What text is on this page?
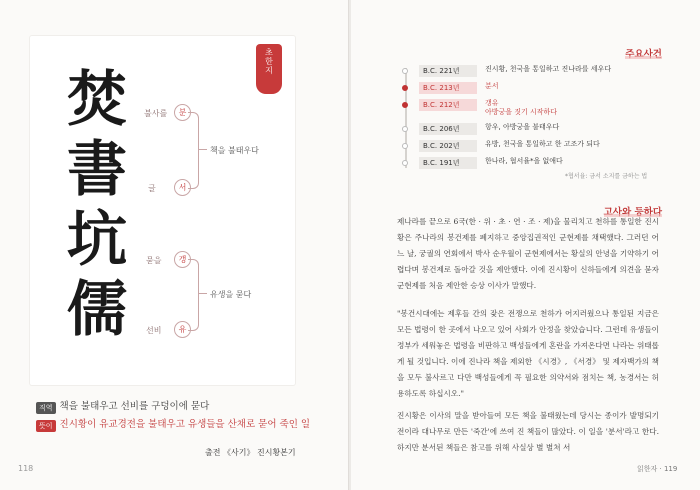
초
한
지
焚
書
坑
儒
불사를	분
글	서
묻을	갱
선비	유
책을 불태우다
유생을 묻다
직역 책을 불태우고 선비를 구덩이에 묻다
뜻이 진시황이 유교경전을 불태우고 유생들을 산채로 묻어 죽인 일
출전 《사기》 진시황본기
118
주요사건
B.C. 221년	진시황, 천국을 통일하고 진나라를 세우다
B.C. 213년	분서
B.C. 212년	갱유
아방궁을 짓기 시작하다
B.C. 206년	항우, 아방궁을 불태우다
B.C. 202년	유방, 천국을 통일하고 한 고조가 되다
B.C. 191년	한나라, 협서율*을 없애다
*협서율: 금서 소지를 금하는 법
고사와 등하다

제나라를 끝으로 6국(한 · 위 · 초 · 연 · 조 · 제)을 물리치고 천하를 통일한 진시황은 주나라의 봉건제를 폐지하고 중앙집권적인 군현제를 채택했다. 그러던 어느 날, 궁궐의 연회에서 박사 순우월이 군현제에서는 황실의 안녕을 기약하기 어렵다며 봉건제로 돌아갈 것을 제안했다. 이에 진시황이 신하들에게 의견을 묻자 군현제를 처음 제안한 승상 이사가 말했다.

"봉건시대에는 제후들 간의 잦은 전쟁으로 천하가 어지러웠으나 통일된 지금은 모든 법령이 한 곳에서 나오고 있어 사회가 안정을 찾았습니다. 그런데 유생들이 정부가 세워놓은 법령을 비판하고 백성들에게 혼란을 가져온다면 나라는 위태롭게 될 것입니다. 이에 진나라 책을 제외한 《시경》, 《서경》 및 제자백가의 책을 모두 불사르고 다만 백성들에게 꼭 필요한 의약서와 점치는 책, 농경서는 허용하도록 하십시오."

진시황은 이사의 말을 받아들여 모든 책을 불태웠는데 당시는 종이가 발명되기 전이라 대나무로 만든 '죽간'에 쓰여 진 책들이 많았다. 이 일을 '분서'라고 한다. 하지만 분서된 책들은 참고를 위해 사실상 별 별쳐 서

읽한자 · 119
